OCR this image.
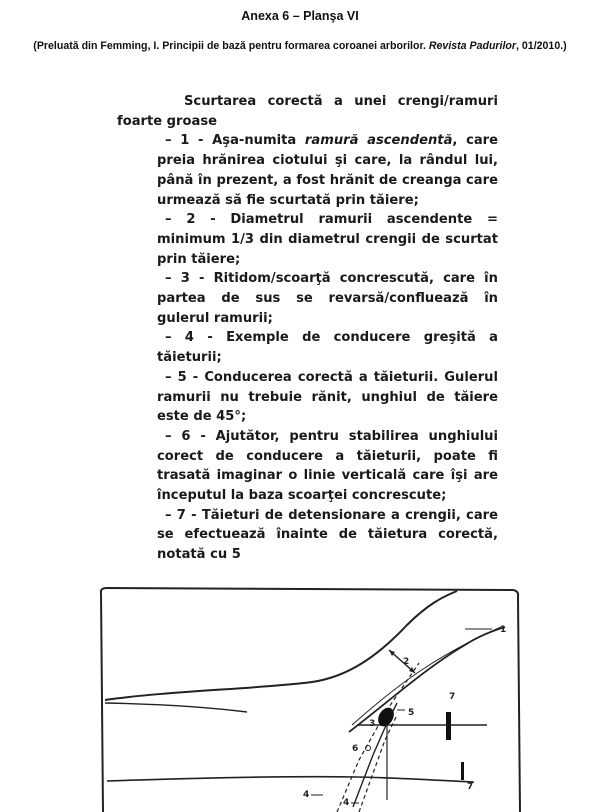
Anexa 6 – Planşa VI
(Preluată din Femming, I. Principii de bază pentru formarea coroanei arborilor. Revista Padurilor, 01/2010.)

Scurtarea corectă a unei crengi/ramuri foarte groase

– 1 - Aşa-numita ramură ascendentă, care preia hrănirea ciotului şi care, la rândul lui, până în prezent, a fost hrănit de creanga care urmează să fie scurtată prin tăiere;

– 2 - Diametrul ramurii ascendente = minimum 1/3 din diametrul crengii de scurtat prin tăiere;

– 3 - Ritidom/scoarţă concrescută, care în partea de sus se revarsă/confluează în gulerul ramurii;

– 4 - Exemple de conducere greşită a tăieturii;

– 5 - Conducerea corectă a tăieturii. Gulerul ramurii nu trebuie rănit, unghiul de tăiere este de 45°;

– 6 - Ajutător, pentru stabilirea unghiului corect de conducere a tăieturii, poate fi trasată imaginar o linie verticală care îşi are începutul la baza scoarţei concrescute;

– 7 - Tăieturi de detensionare a crengii, care se efectuează înainte de tăietura corectă, notată cu 5

1
2
3
5
7
6
7
4
4
